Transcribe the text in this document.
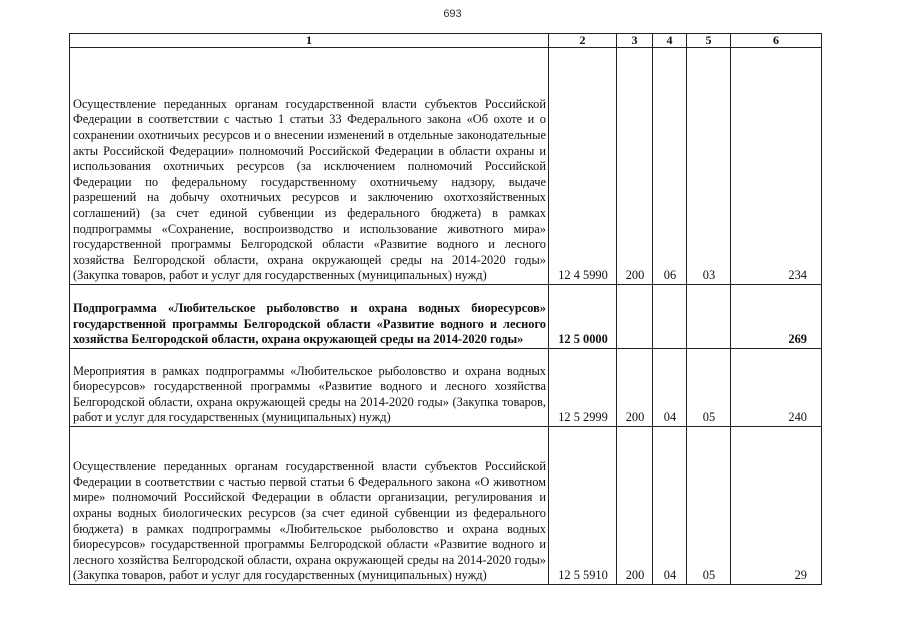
693
1	2	3	4	5	6
Осуществление переданных органам государственной власти субъектов Российской Федерации в соответствии с частью 1 статьи 33 Федерального закона «Об охоте и о сохранении охотничьих ресурсов и о внесении изменений в отдельные законодательные акты Российской Федерации» полномочий Российской Федерации в области охраны и использования охотничьих ресурсов (за исключением полномочий Российской Федерации по федеральному государственному охотничьему надзору, выдаче разрешений на добычу охотничьих ресурсов и заключению охотхозяйственных соглашений) (за счет единой субвенции из федерального бюджета) в рамках подпрограммы «Сохранение, воспроизводство и использование животного мира» государственной программы Белгородской области «Развитие водного и лесного хозяйства Белгородской области, охрана окружающей среды на 2014-2020 годы» (Закупка товаров, работ и услуг для государственных (муниципальных) нужд)	12 4 5990	200	06	03	234
Подпрограмма «Любительское рыболовство и охрана водных биоресурсов» государственной программы Белгородской области «Развитие водного и лесного хозяйства Белгородской области, охрана окружающей среды на 2014-2020 годы»	12 5 0000				269
Мероприятия в рамках подпрограммы «Любительское рыболовство и охрана водных биоресурсов» государственной программы «Развитие водного и лесного хозяйства Белгородской области, охрана окружающей среды на 2014-2020 годы» (Закупка товаров, работ и услуг для государственных (муниципальных) нужд)	12 5 2999	200	04	05	240
Осуществление переданных органам государственной власти субъектов Российской Федерации в соответствии с частью первой статьи 6 Федерального закона «О животном мире» полномочий Российской Федерации в области организации, регулирования и охраны водных биологических ресурсов (за счет единой субвенции из федерального бюджета) в рамках подпрограммы «Любительское рыболовство и охрана водных биоресурсов» государственной программы Белгородской области «Развитие водного и лесного хозяйства Белгородской области, охрана окружающей среды на 2014-2020 годы» (Закупка товаров, работ и услуг для государственных (муниципальных) нужд)	12 5 5910	200	04	05	29
